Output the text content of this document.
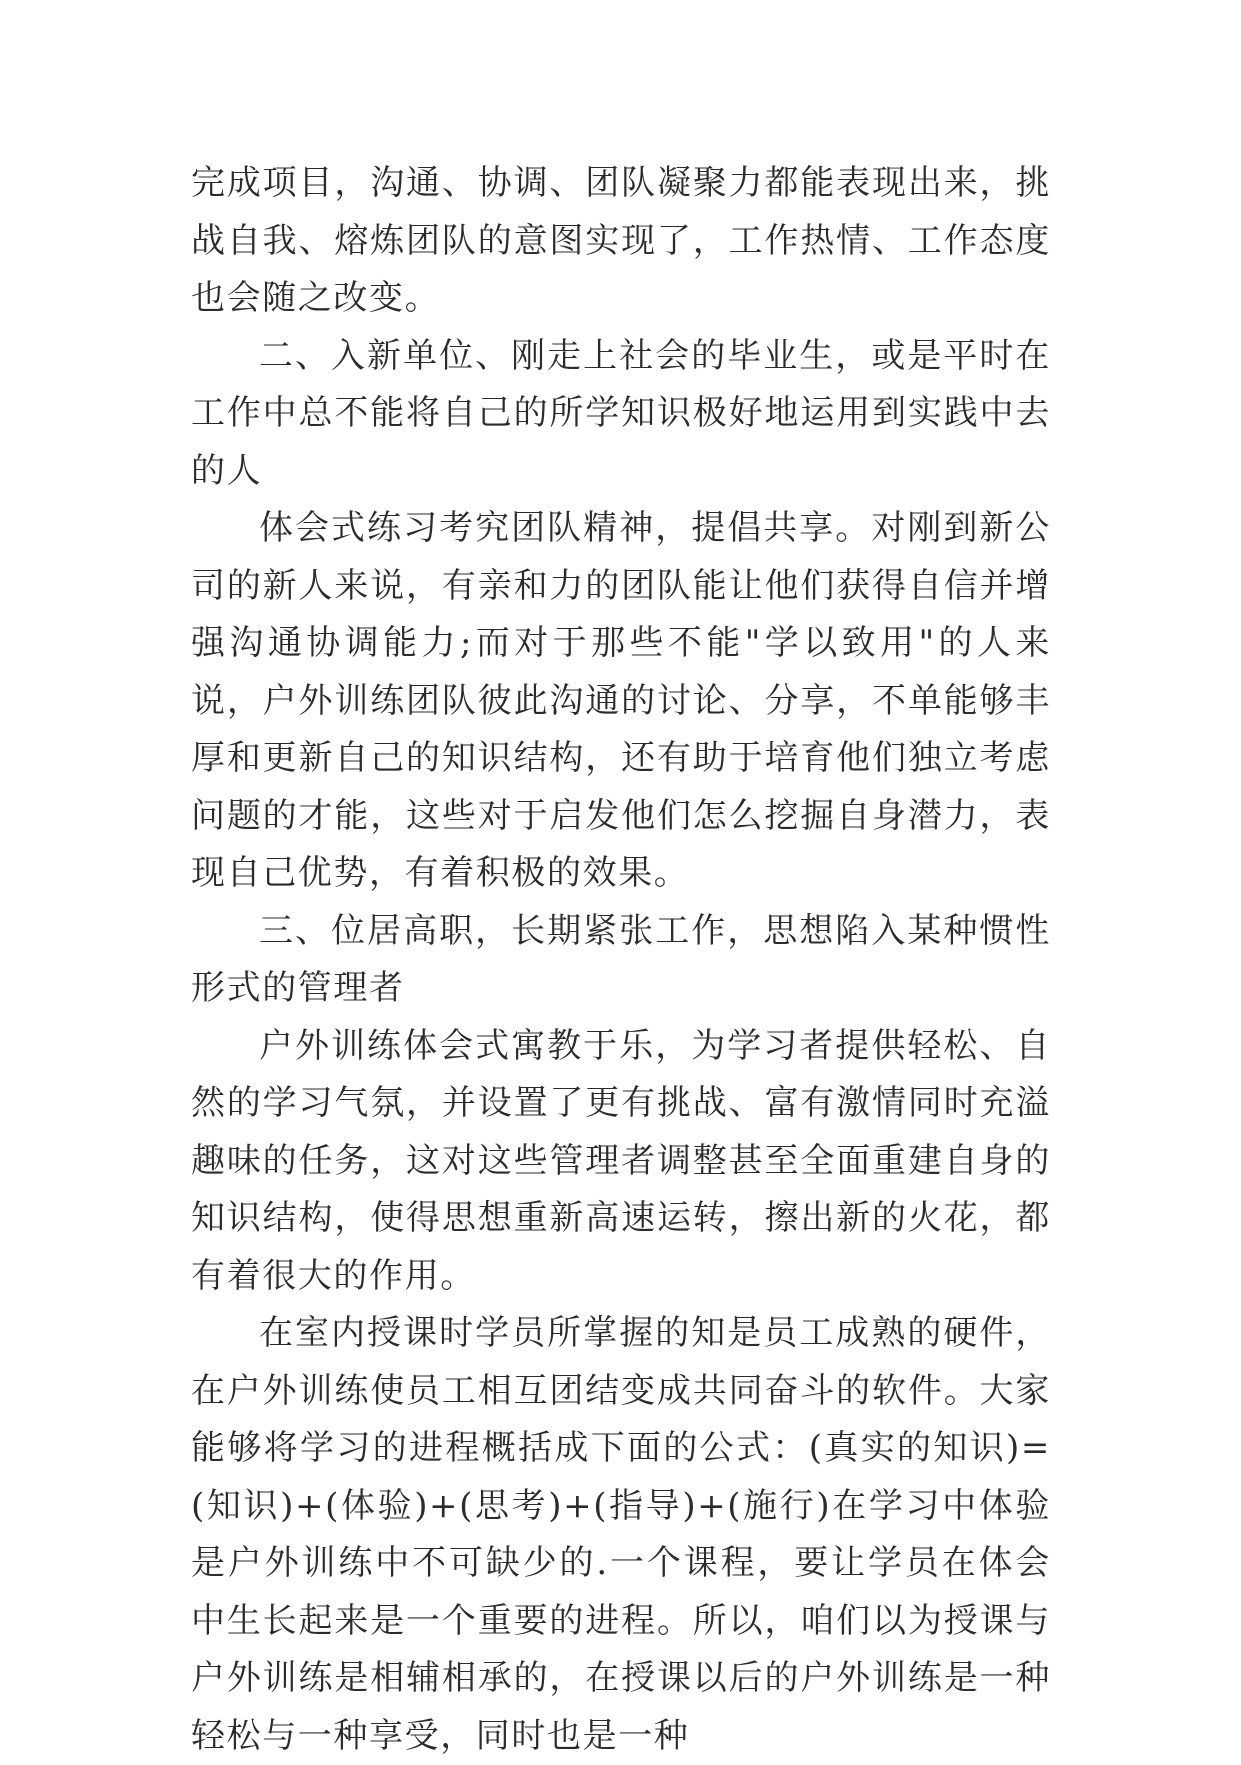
完成项目，沟通、协调、团队凝聚力都能表现出来，挑战自我、熔炼团队的意图实现了，工作热情、工作态度也会随之改变。

二、入新单位、刚走上社会的毕业生，或是平时在工作中总不能将自己的所学知识极好地运用到实践中去的人

体会式练习考究团队精神，提倡共享。对刚到新公司的新人来说，有亲和力的团队能让他们获得自信并增强沟通协调能力;而对于那些不能"学以致用"的人来说，户外训练团队彼此沟通的讨论、分享，不单能够丰厚和更新自己的知识结构，还有助于培育他们独立考虑问题的才能，这些对于启发他们怎么挖掘自身潜力，表现自己优势，有着积极的效果。

三、位居高职，长期紧张工作，思想陷入某种惯性形式的管理者

户外训练体会式寓教于乐，为学习者提供轻松、自然的学习气氛，并设置了更有挑战、富有激情同时充溢趣味的任务，这对这些管理者调整甚至全面重建自身的知识结构，使得思想重新高速运转，擦出新的火花，都有着很大的作用。

在室内授课时学员所掌握的知是员工成熟的硬件，在户外训练使员工相互团结变成共同奋斗的软件。大家能够将学习的进程概括成下面的公式：(真实的知识)=(知识)+(体验)+(思考)+(指导)+(施行)在学习中体验是户外训练中不可缺少的.一个课程，要让学员在体会中生长起来是一个重要的进程。所以，咱们以为授课与户外训练是相辅相承的，在授课以后的户外训练是一种轻松与一种享受，同时也是一种
